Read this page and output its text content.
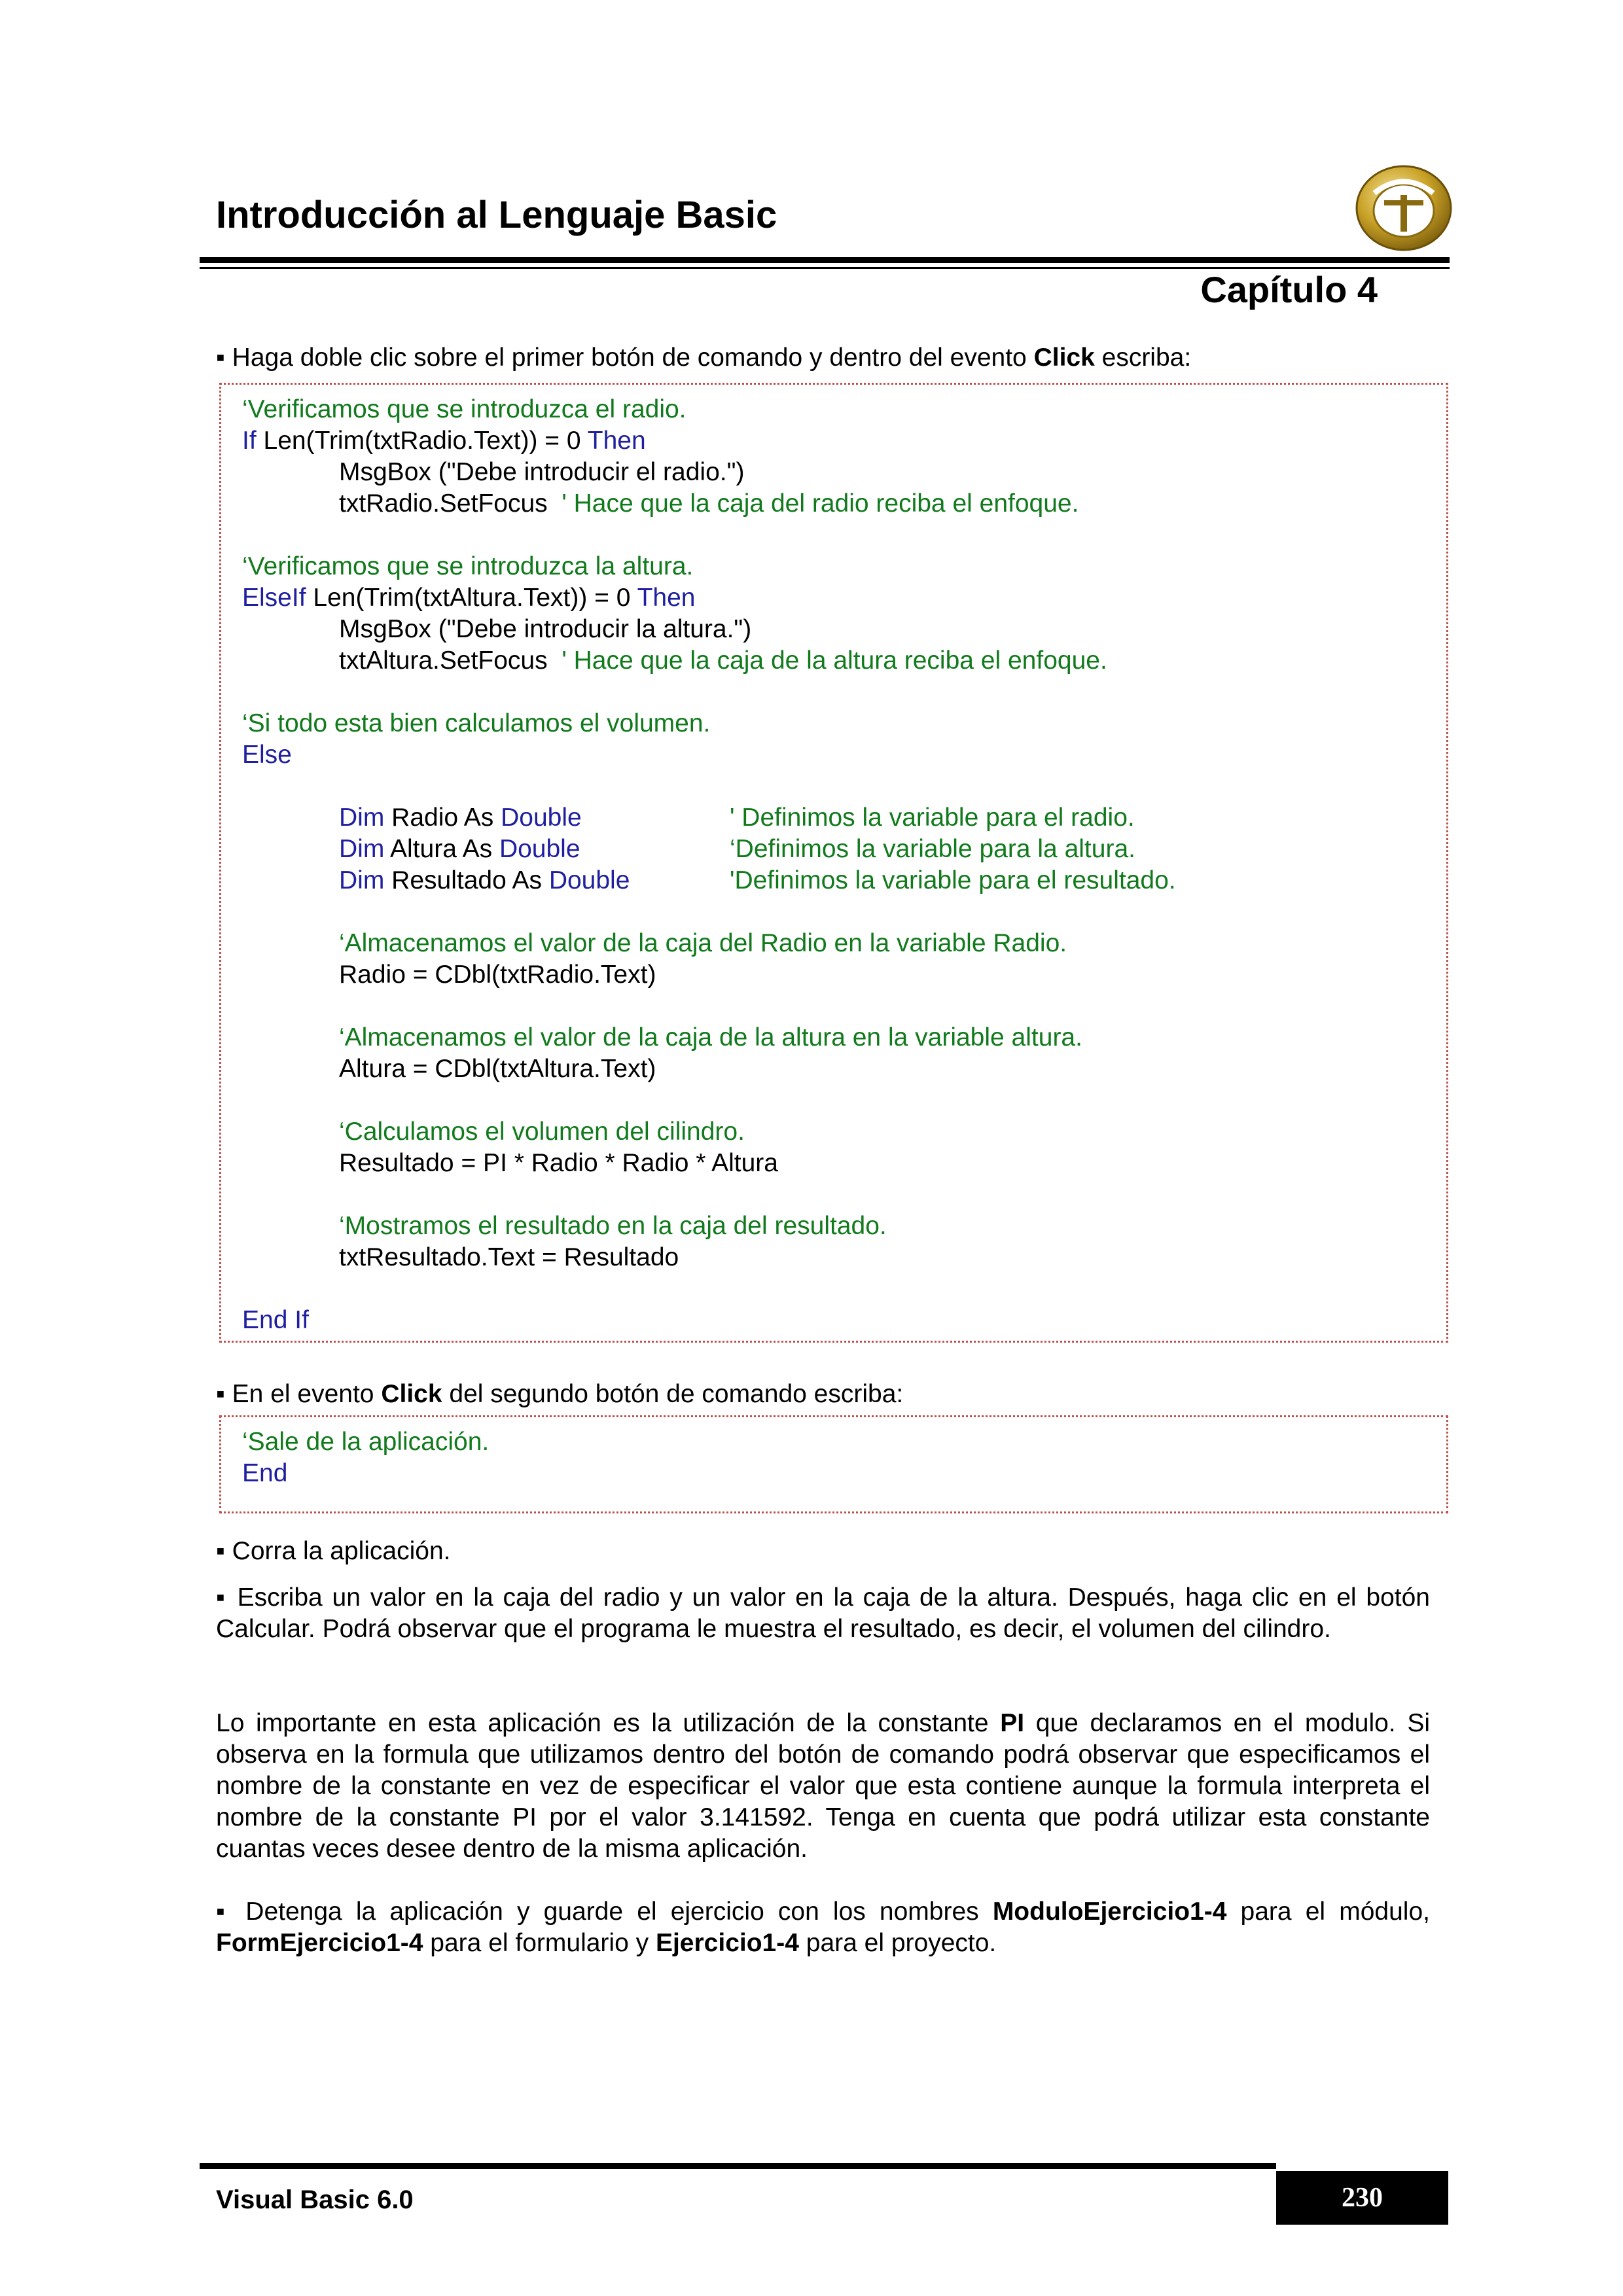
Introducción al Lenguaje Basic
Capítulo 4

▪ Haga doble clic sobre el primer botón de comando y dentro del evento Click escriba:

‘Verificamos que se introduzca el radio.
If Len(Trim(txtRadio.Text)) = 0 Then
MsgBox ("Debe introducir el radio.")
txtRadio.SetFocus  ' Hace que la caja del radio reciba el enfoque.
‘Verificamos que se introduzca la altura.
ElseIf Len(Trim(txtAltura.Text)) = 0 Then
MsgBox ("Debe introducir la altura.")
txtAltura.SetFocus  ' Hace que la caja de la altura reciba el enfoque.
‘Si todo esta bien calculamos el volumen.
Else
Dim Radio As Double	' Definimos la variable para el radio.
Dim Altura As Double	‘Definimos la variable para la altura.
Dim Resultado As Double	'Definimos la variable para el resultado.
‘Almacenamos el valor de la caja del Radio en la variable Radio.
Radio = CDbl(txtRadio.Text)
‘Almacenamos el valor de la caja de la altura en la variable altura.
Altura = CDbl(txtAltura.Text)
‘Calculamos el volumen del cilindro.
Resultado = PI * Radio * Radio * Altura
‘Mostramos el resultado en la caja del resultado.
txtResultado.Text = Resultado
End If

▪ En el evento Click del segundo botón de comando escriba:

‘Sale de la aplicación.
End

▪ Corra la aplicación.

▪ Escriba un valor en la caja del radio y un valor en la caja de la altura. Después, haga clic en el botón Calcular. Podrá observar que el programa le muestra el resultado, es decir, el volumen del cilindro.

Lo importante en esta aplicación es la utilización de la constante PI que declaramos en el modulo. Si observa en la formula que utilizamos dentro del botón de comando podrá observar que especificamos el nombre de la constante en vez de especificar el valor que esta contiene aunque la formula interpreta el nombre de la constante PI por el valor 3.141592. Tenga en cuenta que podrá utilizar esta constante cuantas veces desee dentro de la misma aplicación.

▪ Detenga la aplicación y guarde el ejercicio con los nombres ModuloEjercicio1-4 para el módulo, FormEjercicio1-4 para el formulario y Ejercicio1-4 para el proyecto.

Visual Basic 6.0	230
